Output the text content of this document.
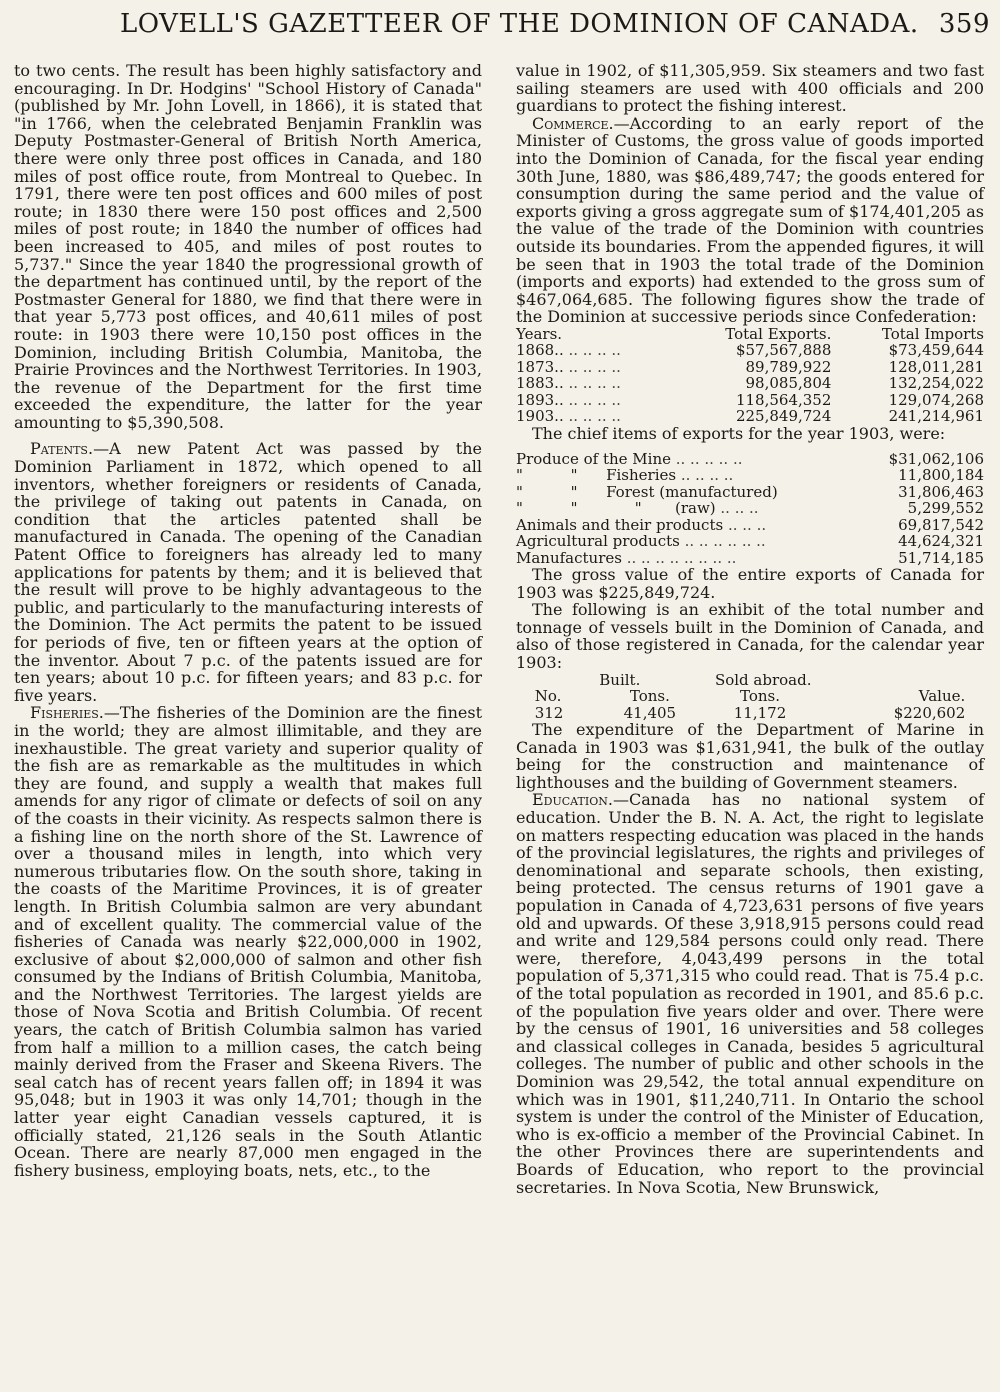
LOVELL'S GAZETTEER OF THE DOMINION OF CANADA. 359

to two cents. The result has been highly satisfactory and encouraging. In Dr. Hodgins' "School History of Canada" (published by Mr. John Lovell, in 1866), it is stated that "in 1766, when the celebrated Benjamin Franklin was Deputy Postmaster-General of British North America, there were only three post offices in Canada, and 180 miles of post office route, from Montreal to Quebec. In 1791, there were ten post offices and 600 miles of post route; in 1830 there were 150 post offices and 2,500 miles of post route; in 1840 the number of offices had been increased to 405, and miles of post routes to 5,737." Since the year 1840 the progressional growth of the department has continued until, by the report of the Postmaster General for 1880, we find that there were in that year 5,773 post offices, and 40,611 miles of post route: in 1903 there were 10,150 post offices in the Dominion, including British Columbia, Manitoba, the Prairie Provinces and the Northwest Territories. In 1903, the revenue of the Department for the first time exceeded the expenditure, the latter for the year amounting to $5,390,508.

Patents.—A new Patent Act was passed by the Dominion Parliament in 1872, which opened to all inventors, whether foreigners or residents of Canada, the privilege of taking out patents in Canada, on condition that the articles patented shall be manufactured in Canada. The opening of the Canadian Patent Office to foreigners has already led to many applications for patents by them; and it is believed that the result will prove to be highly advantageous to the public, and particularly to the manufacturing interests of the Dominion. The Act permits the patent to be issued for periods of five, ten or fifteen years at the option of the inventor. About 7 p.c. of the patents issued are for ten years; about 10 p.c. for fifteen years; and 83 p.c. for five years.

Fisheries.—The fisheries of the Dominion are the finest in the world; they are almost illimitable, and they are inexhaustible. The great variety and superior quality of the fish are as remarkable as the multitudes in which they are found, and supply a wealth that makes full amends for any rigor of climate or defects of soil on any of the coasts in their vicinity. As respects salmon there is a fishing line on the north shore of the St. Lawrence of over a thousand miles in length, into which very numerous tributaries flow. On the south shore, taking in the coasts of the Maritime Provinces, it is of greater length. In British Columbia salmon are very abundant and of excellent quality. The commercial value of the fisheries of Canada was nearly $22,000,000 in 1902, exclusive of about $2,000,000 of salmon and other fish consumed by the Indians of British Columbia, Manitoba, and the Northwest Territories. The largest yields are those of Nova Scotia and British Columbia. Of recent years, the catch of British Columbia salmon has varied from half a million to a million cases, the catch being mainly derived from the Fraser and Skeena Rivers. The seal catch has of recent years fallen off; in 1894 it was 95,048; but in 1903 it was only 14,701; though in the latter year eight Canadian vessels captured, it is officially stated, 21,126 seals in the South Atlantic Ocean. There are nearly 87,000 men engaged in the fishery business, employing boats, nets, etc., to the

value in 1902, of $11,305,959. Six steamers and two fast sailing steamers are used with 400 officials and 200 guardians to protect the fishing interest.

Commerce.—According to an early report of the Minister of Customs, the gross value of goods imported into the Dominion of Canada, for the fiscal year ending 30th June, 1880, was $86,489,747; the goods entered for consumption during the same period and the value of exports giving a gross aggregate sum of $174,401,205 as the value of the trade of the Dominion with countries outside its boundaries. From the appended figures, it will be seen that in 1903 the total trade of the Dominion (imports and exports) had extended to the gross sum of $467,064,685. The following figures show the trade of the Dominion at successive periods since Confederation:

Years.	Total Exports.	Total Imports
1868.. .. .. .. ..	$57,567,888	$73,459,644
1873.. .. .. .. ..	89,789,922	128,011,281
1883.. .. .. .. ..	98,085,804	132,254,022
1893.. .. .. .. ..	118,564,352	129,074,268
1903.. .. .. .. ..	225,849,724	241,214,961

The chief items of exports for the year 1903, were:

Produce of the Mine .. .. .. .. ..	$31,062,106
"          "      Fisheries .. .. .. ..	11,800,184
"          "      Forest (manufactured)	31,806,463
"          "            "       (raw) .. .. ..	5,299,552
Animals and their products .. .. ..	69,817,542
Agricultural products .. .. .. .. .. ..	44,624,321
Manufactures .. .. .. .. .. .. .. ..	51,714,185

The gross value of the entire exports of Canada for 1903 was $225,849,724.

The following is an exhibit of the total number and tonnage of vessels built in the Dominion of Canada, and also of those registered in Canada, for the calendar year 1903:

Built.		Sold abroad.	
No.	Tons.	Tons.	Value.
312	41,405	11,172	$220,602

The expenditure of the Department of Marine in Canada in 1903 was $1,631,941, the bulk of the outlay being for the construction and maintenance of lighthouses and the building of Government steamers.

Education.—Canada has no national system of education. Under the B. N. A. Act, the right to legislate on matters respecting education was placed in the hands of the provincial legislatures, the rights and privileges of denominational and separate schools, then existing, being protected. The census returns of 1901 gave a population in Canada of 4,723,631 persons of five years old and upwards. Of these 3,918,915 persons could read and write and 129,584 persons could only read. There were, therefore, 4,043,499 persons in the total population of 5,371,315 who could read. That is 75.4 p.c. of the total population as recorded in 1901, and 85.6 p.c. of the population five years older and over. There were by the census of 1901, 16 universities and 58 colleges and classical colleges in Canada, besides 5 agricultural colleges. The number of public and other schools in the Dominion was 29,542, the total annual expenditure on which was in 1901, $11,240,711. In Ontario the school system is under the control of the Minister of Education, who is ex-officio a member of the Provincial Cabinet. In the other Provinces there are superintendents and Boards of Education, who report to the provincial secretaries. In Nova Scotia, New Brunswick,
